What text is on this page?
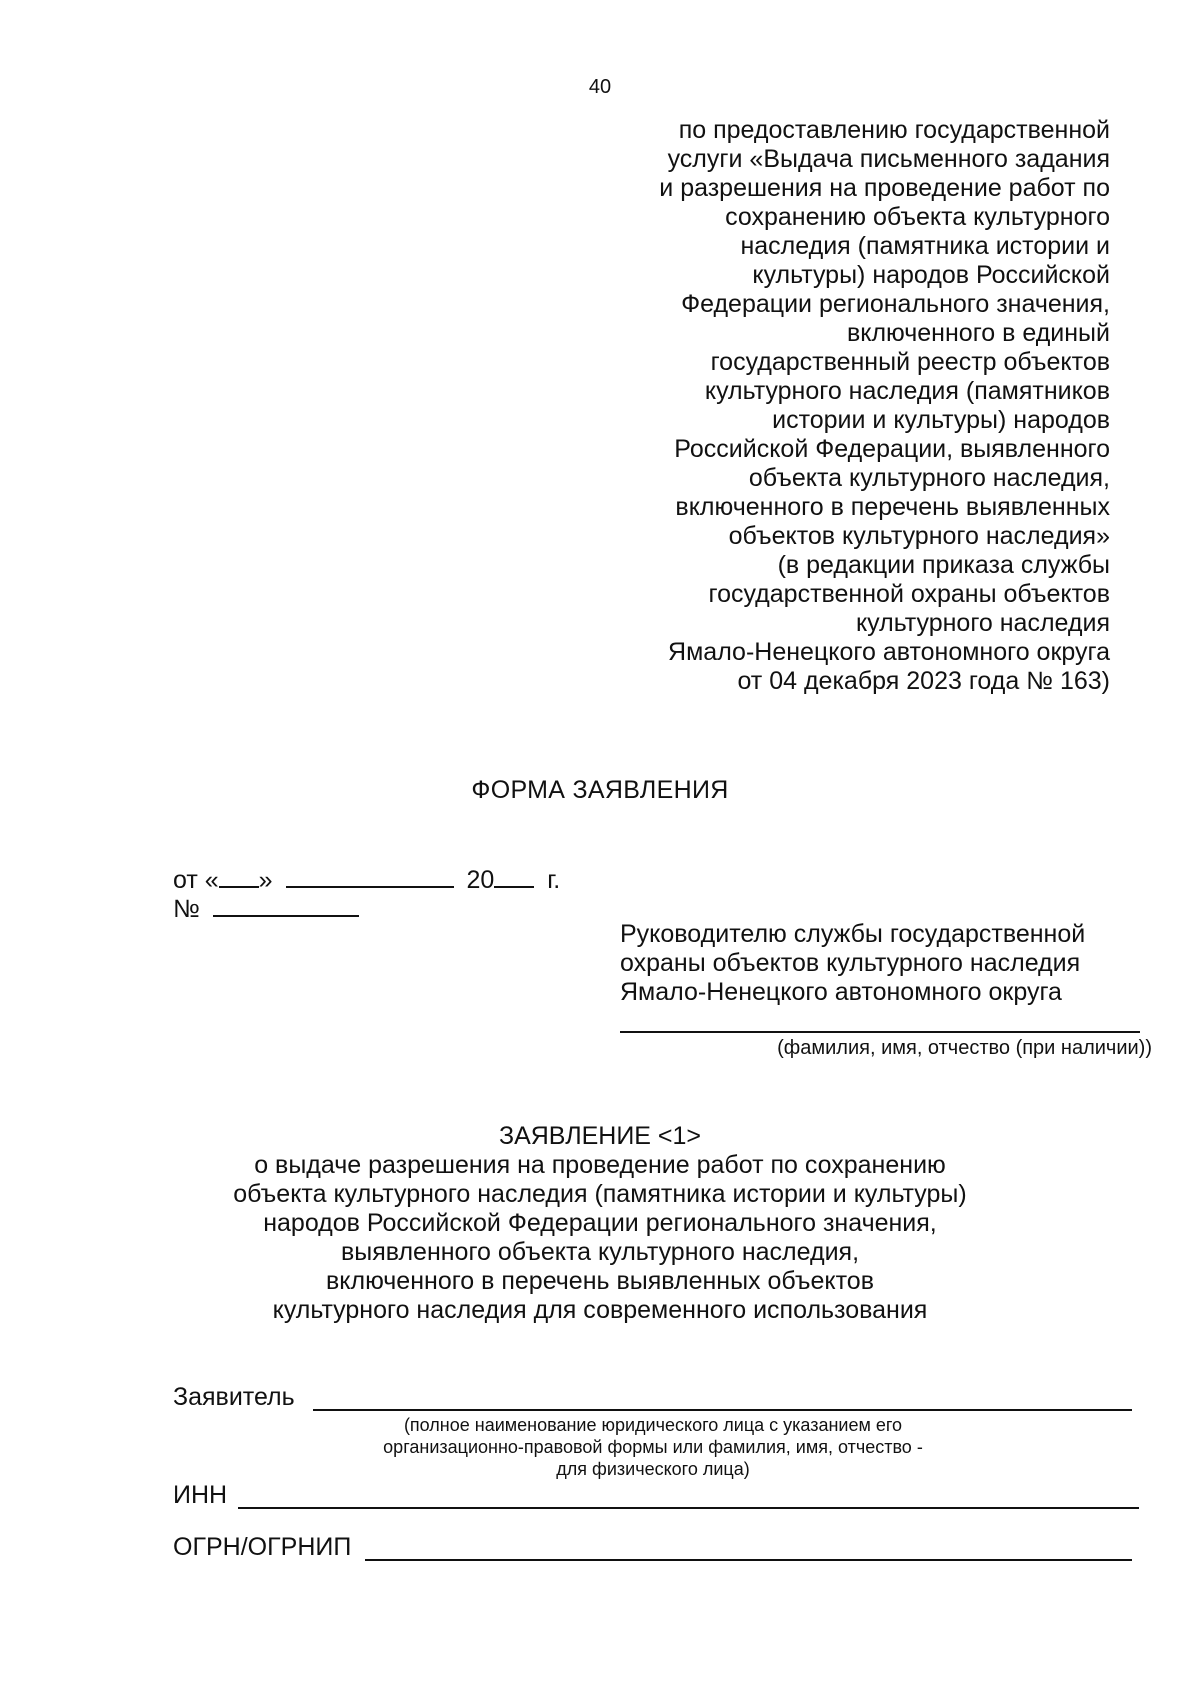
40
по предоставлению государственной
услуги «Выдача письменного задания
и разрешения на проведение работ по
сохранению объекта культурного
наследия (памятника истории и
культуры) народов Российской
Федерации регионального значения,
включенного в единый
государственный реестр объектов
культурного наследия (памятников
истории и культуры) народов
Российской Федерации, выявленного
объекта культурного наследия,
включенного в перечень выявленных
объектов культурного наследия»
(в редакции приказа службы
государственной охраны объектов
культурного наследия
Ямало-Ненецкого автономного округа
от 04 декабря 2023 года № 163)
ФОРМА ЗАЯВЛЕНИЯ
от « »	20 г.
№
Руководителю службы государственной
охраны объектов культурного наследия
Ямало-Ненецкого автономного округа
(фамилия, имя, отчество (при наличии))
ЗАЯВЛЕНИЕ <1>
о выдаче разрешения на проведение работ по сохранению
объекта культурного наследия (памятника истории и культуры)
народов Российской Федерации регионального значения,
выявленного объекта культурного наследия,
включенного в перечень выявленных объектов
культурного наследия для современного использования
Заявитель
(полное наименование юридического лица с указанием его
организационно-правовой формы или фамилия, имя, отчество -
для физического лица)
ИНН
ОГРН/ОГРНИП
